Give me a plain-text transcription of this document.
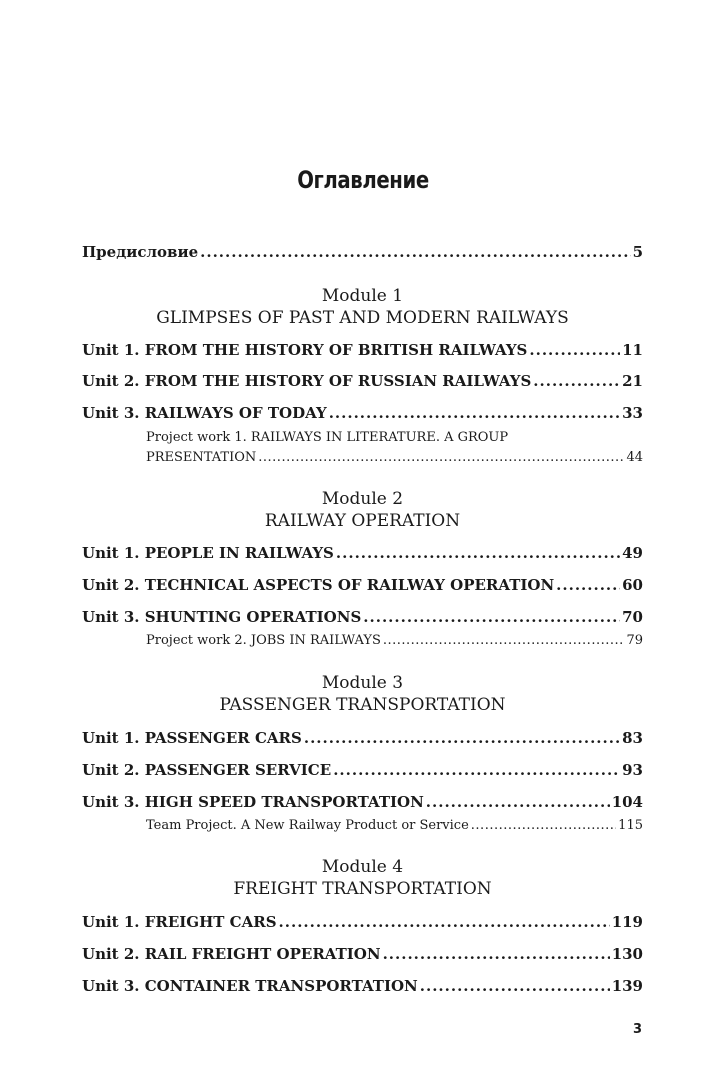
Оглавление
Предисловие .....	5
Module 1
GLIMPSES OF PAST AND MODERN RAILWAYS
Unit 1. FROM THE HISTORY OF BRITISH RAILWAYS .....	11
Unit 2. FROM THE HISTORY OF RUSSIAN RAILWAYS .....	21
Unit 3. RAILWAYS OF TODAY .....	33
Project work 1. RAILWAYS IN LITERATURE. A GROUP
PRESENTATION .....	44
Module 2
RAILWAY OPERATION
Unit 1. PEOPLE IN RAILWAYS .....	49
Unit 2. TECHNICAL ASPECTS OF RAILWAY OPERATION .....	60
Unit 3. SHUNTING OPERATIONS .....	70
Project work 2. JOBS IN RAILWAYS .....	79
Module 3
PASSENGER TRANSPORTATION
Unit 1. PASSENGER CARS .....	83
Unit 2. PASSENGER SERVICE .....	93
Unit 3. HIGH SPEED TRANSPORTATION .....	104
Team Project. A New Railway Product or Service .....	115
Module 4
FREIGHT TRANSPORTATION
Unit 1. FREIGHT CARS .....	119
Unit 2. RAIL FREIGHT OPERATION .....	130
Unit 3. CONTAINER TRANSPORTATION .....	139
3
